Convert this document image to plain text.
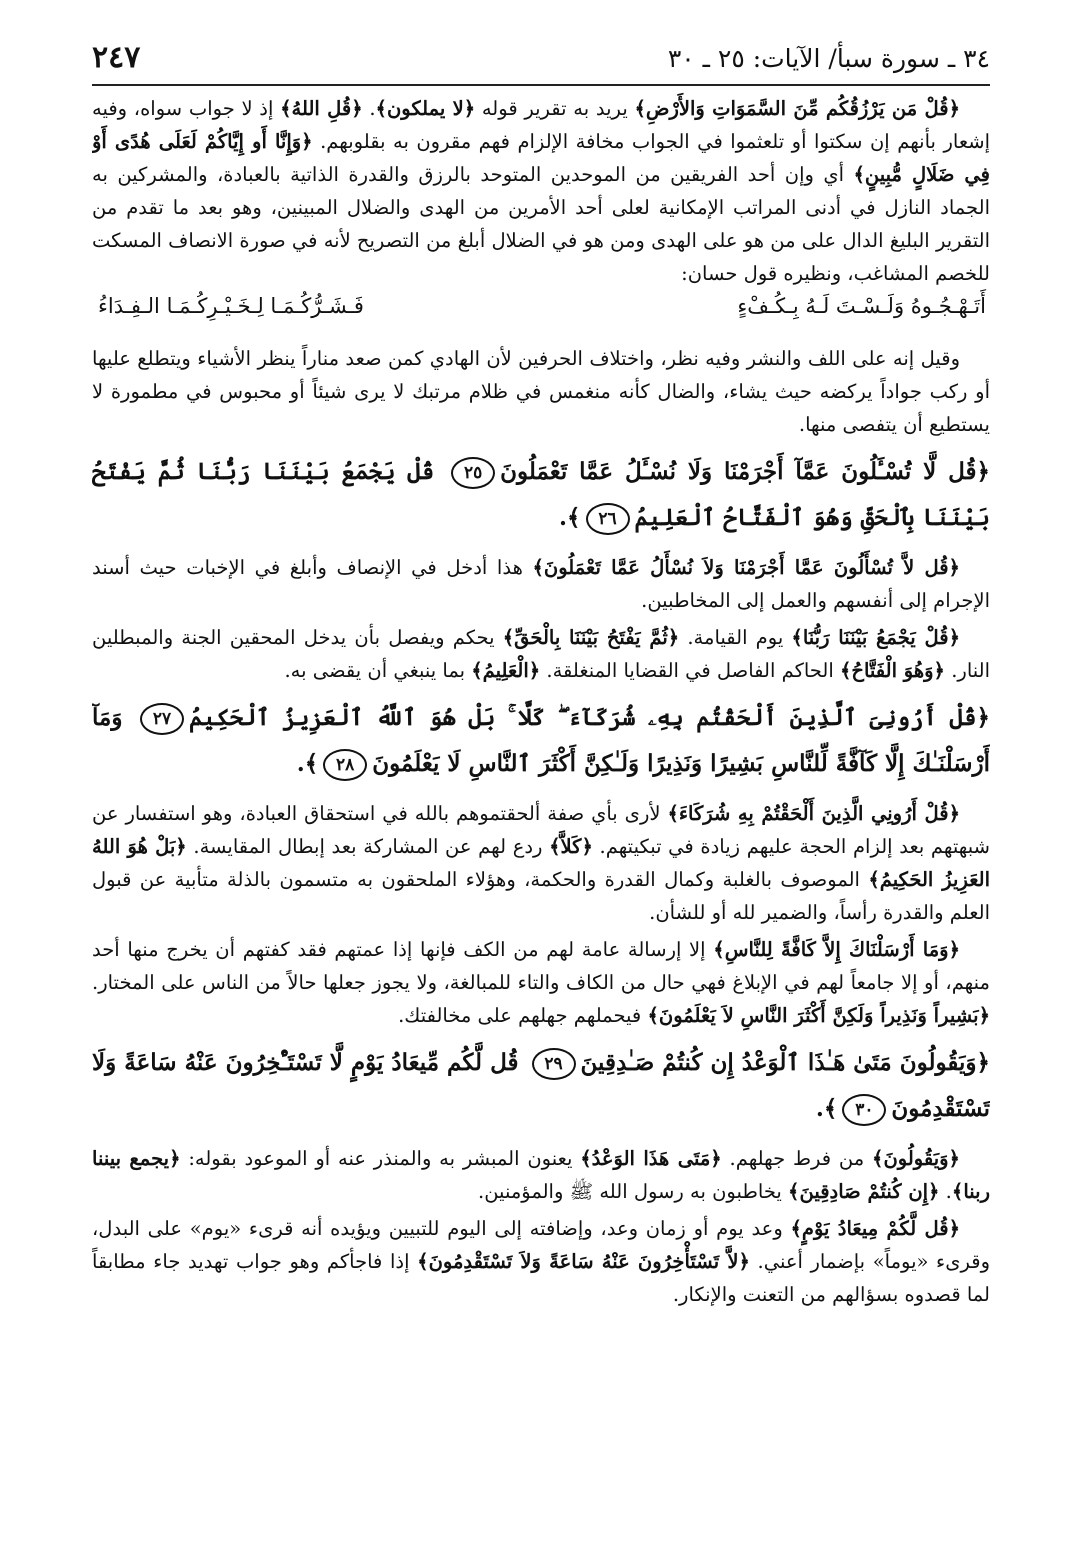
٣٤ ـ سورة سبأ/ الآيات: ٢٥ ـ ٣٠
٢٤٧

﴿قُلْ مَن يَرْزُقُكُم مِّنَ السَّمَوَاتِ وَالأَرْضِ﴾ يريد به تقرير قوله ﴿لا يملكون﴾. ﴿قُلِ اللهُ﴾ إذ لا جواب سواه، وفيه إشعار بأنهم إن سكتوا أو تلعثموا في الجواب مخافة الإلزام فهم مقرون به بقلوبهم. ﴿وَإِنَّا أَو إِيَّاكُمْ لَعَلَى هُدًى أَوْ فِي ضَلَالٍ مُّبِينٍ﴾ أي وإن أحد الفريقين من الموحدين المتوحد بالرزق والقدرة الذاتية بالعبادة، والمشركين به الجماد النازل في أدنى المراتب الإمكانية لعلى أحد الأمرين من الهدى والضلال المبينين، وهو بعد ما تقدم من التقرير البليغ الدال على من هو على الهدى ومن هو في الضلال أبلغ من التصريح لأنه في صورة الانصاف المسكت للخصم المشاغب، ونظيره قول حسان:

أَتَـهْـجُـوهُ وَلَـسْـتَ لَـهُ بِـكُـفْءٍ
فَـشَـرُّكُـمَـا لِـخَـيْـرِكُـمَـا الـفِـدَاءُ

وقيل إنه على اللف والنشر وفيه نظر، واختلاف الحرفين لأن الهادي كمن صعد مناراً ينظر الأشياء ويتطلع عليها أو ركب جواداً يركضه حيث يشاء، والضال كأنه منغمس في ظلام مرتبك لا يرى شيئاً أو محبوس في مطمورة لا يستطيع أن يتفصى منها.

﴿قُل لَّا تُسْـَٔلُونَ عَمَّآ أَجْرَمْنَا وَلَا نُسْـَٔلُ عَمَّا تَعْمَلُونَ٢٥ قُلْ يَجْمَعُ بَيْنَنَا رَبُّنَا ثُمَّ يَفْتَحُ بَيْنَنَا بِٱلْحَقِّ وَهُوَ ٱلْفَتَّاحُ ٱلْعَلِيمُ٢٦﴾.

﴿قُل لاَّ تُسْأَلُونَ عَمَّا أَجْرَمْنَا وَلاَ نُسْأَلُ عَمَّا تَعْمَلُونَ﴾ هذا أدخل في الإنصاف وأبلغ في الإخبات حيث أسند الإجرام إلى أنفسهم والعمل إلى المخاطبين.

﴿قُلْ يَجْمَعُ بَيْنَنَا رَبُّنَا﴾ يوم القيامة. ﴿ثُمَّ يَفْتَحُ بَيْنَنَا بِالْحَقِّ﴾ يحكم ويفصل بأن يدخل المحقين الجنة والمبطلين النار. ﴿وَهُوَ الْفَتَّاحُ﴾ الحاكم الفاصل في القضايا المنغلقة. ﴿الْعَلِيمُ﴾ بما ينبغي أن يقضى به.

﴿قُلْ أَرُونِىَ ٱلَّذِينَ أَلْحَقْتُم بِهِۦ شُرَكَآءَ ۖ كَلَّا ۚ بَلْ هُوَ ٱللَّهُ ٱلْعَزِيزُ ٱلْحَكِيمُ٢٧ وَمَآ أَرْسَلْنَـٰكَ إِلَّا كَآفَّةً لِّلنَّاسِ بَشِيرًا وَنَذِيرًا وَلَـٰكِنَّ أَكْثَرَ ٱلنَّاسِ لَا يَعْلَمُونَ٢٨﴾.

﴿قُلْ أَرُونِي الَّذِينَ أَلْحَقْتُمْ بِهِ شُرَكَاءَ﴾ لأرى بأي صفة ألحقتموهم بالله في استحقاق العبادة، وهو استفسار عن شبهتهم بعد إلزام الحجة عليهم زيادة في تبكيتهم. ﴿كَلاَّ﴾ ردع لهم عن المشاركة بعد إبطال المقايسة. ﴿بَلْ هُوَ اللهُ العَزِيزُ الحَكِيمُ﴾ الموصوف بالغلبة وكمال القدرة والحكمة، وهؤلاء الملحقون به متسمون بالذلة متأبية عن قبول العلم والقدرة رأساً، والضمير لله أو للشأن.

﴿وَمَا أَرْسَلْنَاكَ إِلاَّ كَافَّةً لِلنَّاسِ﴾ إلا إرسالة عامة لهم من الكف فإنها إذا عمتهم فقد كفتهم أن يخرج منها أحد منهم، أو إلا جامعاً لهم في الإبلاغ فهي حال من الكاف والتاء للمبالغة، ولا يجوز جعلها حالاً من الناس على المختار. ﴿بَشِيراً وَنَذِيراً وَلَكِنَّ أَكْثَرَ النَّاسِ لاَ يَعْلَمُونَ﴾ فيحملهم جهلهم على مخالفتك.

﴿وَيَقُولُونَ مَتَىٰ هَـٰذَا ٱلْوَعْدُ إِن كُنتُمْ صَـٰدِقِينَ٢٩ قُل لَّكُم مِّيعَادُ يَوْمٍ لَّا تَسْتَـْٔخِرُونَ عَنْهُ سَاعَةً وَلَا تَسْتَقْدِمُونَ٣٠﴾.

﴿وَيَقُولُونَ﴾ من فرط جهلهم. ﴿مَتَى هَذَا الوَعْدُ﴾ يعنون المبشر به والمنذر عنه أو الموعود بقوله: ﴿يجمع بيننا ربنا﴾. ﴿إِن كُنتُمْ صَادِقِينَ﴾ يخاطبون به رسول الله ﷺ والمؤمنين.

﴿قُل لَّكُمْ مِيعَادُ يَوْمٍ﴾ وعد يوم أو زمان وعد، وإضافته إلى اليوم للتبيين ويؤيده أنه قرىء «يوم» على البدل، وقرىء «يوماً» بإضمار أعني. ﴿لاَّ تَسْتَأْخِرُونَ عَنْهُ سَاعَةً وَلاَ تَسْتَقْدِمُونَ﴾ إذا فاجأكم وهو جواب تهديد جاء مطابقاً لما قصدوه بسؤالهم من التعنت والإنكار.
